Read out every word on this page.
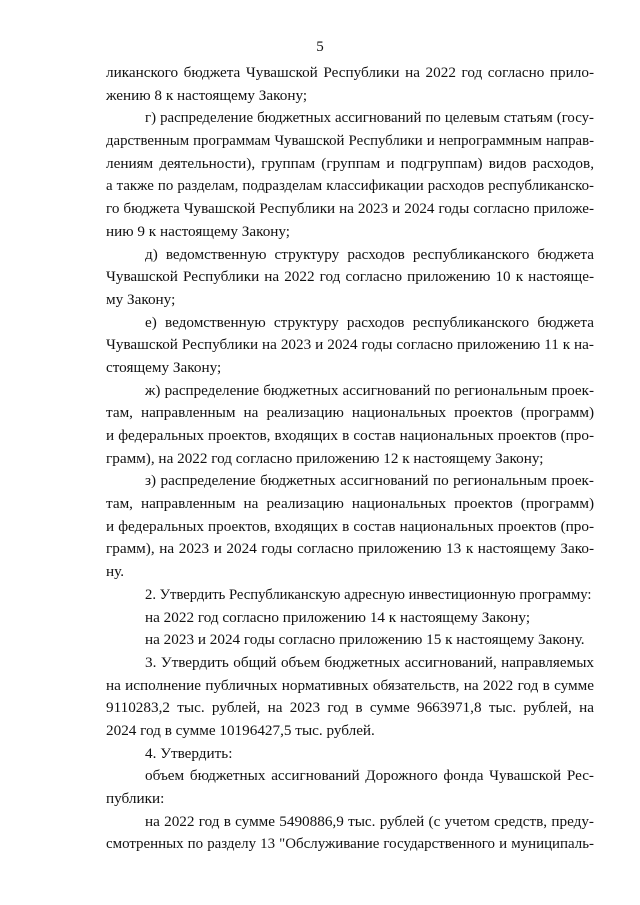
5
ликанского бюджета Чувашской Республики на 2022 год согласно прило-
жению 8 к настоящему Закону;
г) распределение бюджетных ассигнований по целевым статьям (госу-
дарственным программам Чувашской Республики и непрограммным направ-
лениям деятельности), группам (группам и подгруппам) видов расходов,
а также по разделам, подразделам классификации расходов республиканско-
го бюджета Чувашской Республики на 2023 и 2024 годы согласно приложе-
нию 9 к настоящему Закону;
д) ведомственную структуру расходов республиканского бюджета
Чувашской Республики на 2022 год согласно приложению 10 к настояще-
му Закону;
е) ведомственную структуру расходов республиканского бюджета
Чувашской Республики на 2023 и 2024 годы согласно приложению 11 к на-
стоящему Закону;
ж) распределение бюджетных ассигнований по региональным проек-
там, направленным на реализацию национальных проектов (программ)
и федеральных проектов, входящих в состав национальных проектов (про-
грамм), на 2022 год согласно приложению 12 к настоящему Закону;
з) распределение бюджетных ассигнований по региональным проек-
там, направленным на реализацию национальных проектов (программ)
и федеральных проектов, входящих в состав национальных проектов (про-
грамм), на 2023 и 2024 годы согласно приложению 13 к настоящему Зако-
ну.
2. Утвердить Республиканскую адресную инвестиционную программу:
на 2022 год согласно приложению 14 к настоящему Закону;
на 2023 и 2024 годы согласно приложению 15 к настоящему Закону.
3. Утвердить общий объем бюджетных ассигнований, направляемых
на исполнение публичных нормативных обязательств, на 2022 год в сумме
9110283,2 тыс. рублей, на 2023 год в сумме 9663971,8 тыс. рублей, на
2024 год в сумме 10196427,5 тыс. рублей.
4. Утвердить:
объем бюджетных ассигнований Дорожного фонда Чувашской Рес-
публики:
на 2022 год в сумме 5490886,9 тыс. рублей (с учетом средств, преду-
смотренных по разделу 13 "Обслуживание государственного и муниципаль-
